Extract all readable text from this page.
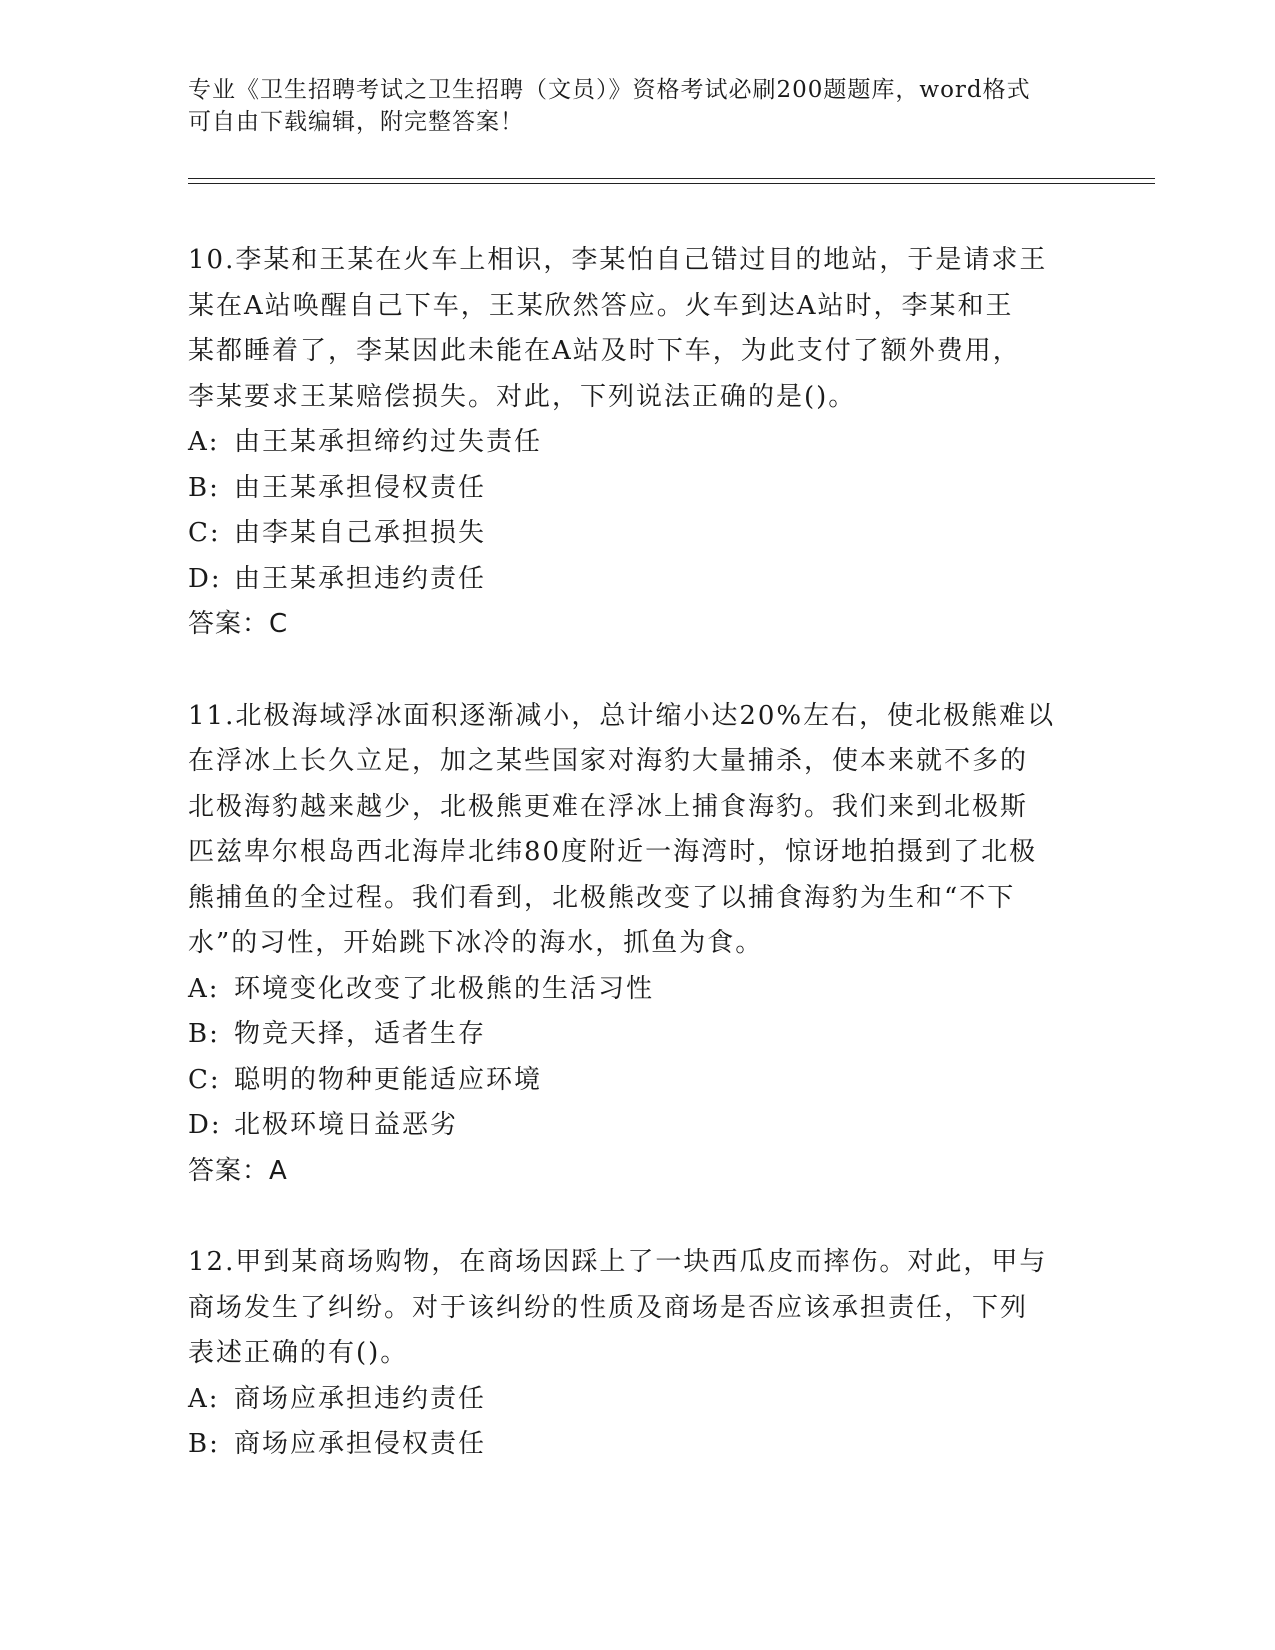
专业《卫生招聘考试之卫生招聘（文员）》资格考试必刷200题题库，word格式
可自由下载编辑，附完整答案！
10.李某和王某在火车上相识，李某怕自己错过目的地站，于是请求王
某在A站唤醒自己下车，王某欣然答应。火车到达A站时，李某和王
某都睡着了，李某因此未能在A站及时下车，为此支付了额外费用，
李某要求王某赔偿损失。对此，下列说法正确的是()。
A: 由王某承担缔约过失责任
B: 由王某承担侵权责任
C: 由李某自己承担损失
D: 由王某承担违约责任
答案：C
11.北极海域浮冰面积逐渐减小，总计缩小达20%左右，使北极熊难以
在浮冰上长久立足，加之某些国家对海豹大量捕杀，使本来就不多的
北极海豹越来越少，北极熊更难在浮冰上捕食海豹。我们来到北极斯
匹兹卑尔根岛西北海岸北纬80度附近一海湾时，惊讶地拍摄到了北极
熊捕鱼的全过程。我们看到，北极熊改变了以捕食海豹为生和“不下
水”的习性，开始跳下冰冷的海水，抓鱼为食。
A: 环境变化改变了北极熊的生活习性
B: 物竞天择，适者生存
C: 聪明的物种更能适应环境
D: 北极环境日益恶劣
答案：A
12.甲到某商场购物，在商场因踩上了一块西瓜皮而摔伤。对此，甲与
商场发生了纠纷。对于该纠纷的性质及商场是否应该承担责任，下列
表述正确的有()。
A: 商场应承担违约责任
B: 商场应承担侵权责任
